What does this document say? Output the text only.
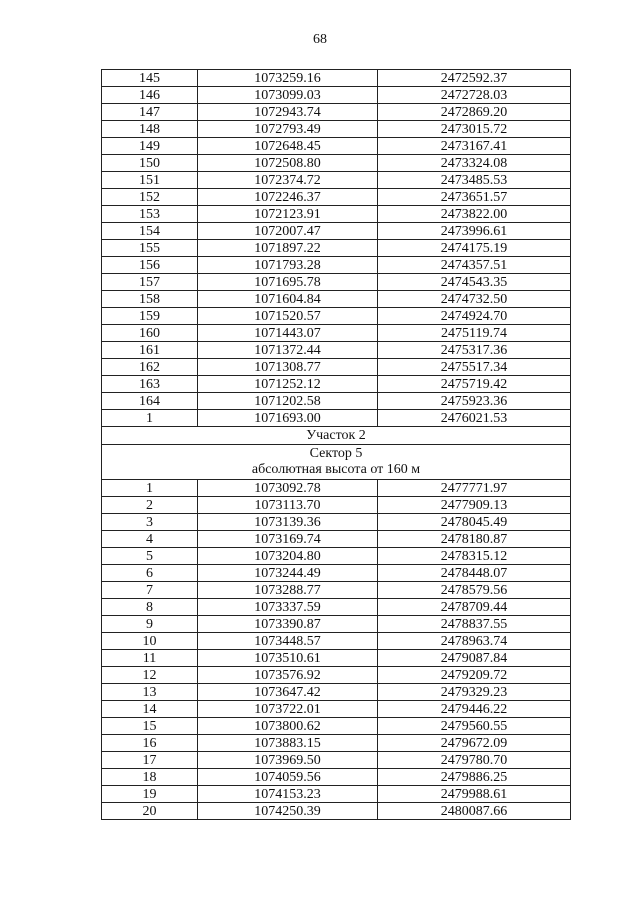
68
145	1073259.16	2472592.37
146	1073099.03	2472728.03
147	1072943.74	2472869.20
148	1072793.49	2473015.72
149	1072648.45	2473167.41
150	1072508.80	2473324.08
151	1072374.72	2473485.53
152	1072246.37	2473651.57
153	1072123.91	2473822.00
154	1072007.47	2473996.61
155	1071897.22	2474175.19
156	1071793.28	2474357.51
157	1071695.78	2474543.35
158	1071604.84	2474732.50
159	1071520.57	2474924.70
160	1071443.07	2475119.74
161	1071372.44	2475317.36
162	1071308.77	2475517.34
163	1071252.12	2475719.42
164	1071202.58	2475923.36
1	1071693.00	2476021.53
Участок 2		

Сектор 5
абсолютная высота от 160 м		

1	1073092.78	2477771.97
2	1073113.70	2477909.13
3	1073139.36	2478045.49
4	1073169.74	2478180.87
5	1073204.80	2478315.12
6	1073244.49	2478448.07
7	1073288.77	2478579.56
8	1073337.59	2478709.44
9	1073390.87	2478837.55
10	1073448.57	2478963.74
11	1073510.61	2479087.84
12	1073576.92	2479209.72
13	1073647.42	2479329.23
14	1073722.01	2479446.22
15	1073800.62	2479560.55
16	1073883.15	2479672.09
17	1073969.50	2479780.70
18	1074059.56	2479886.25
19	1074153.23	2479988.61
20	1074250.39	2480087.66
